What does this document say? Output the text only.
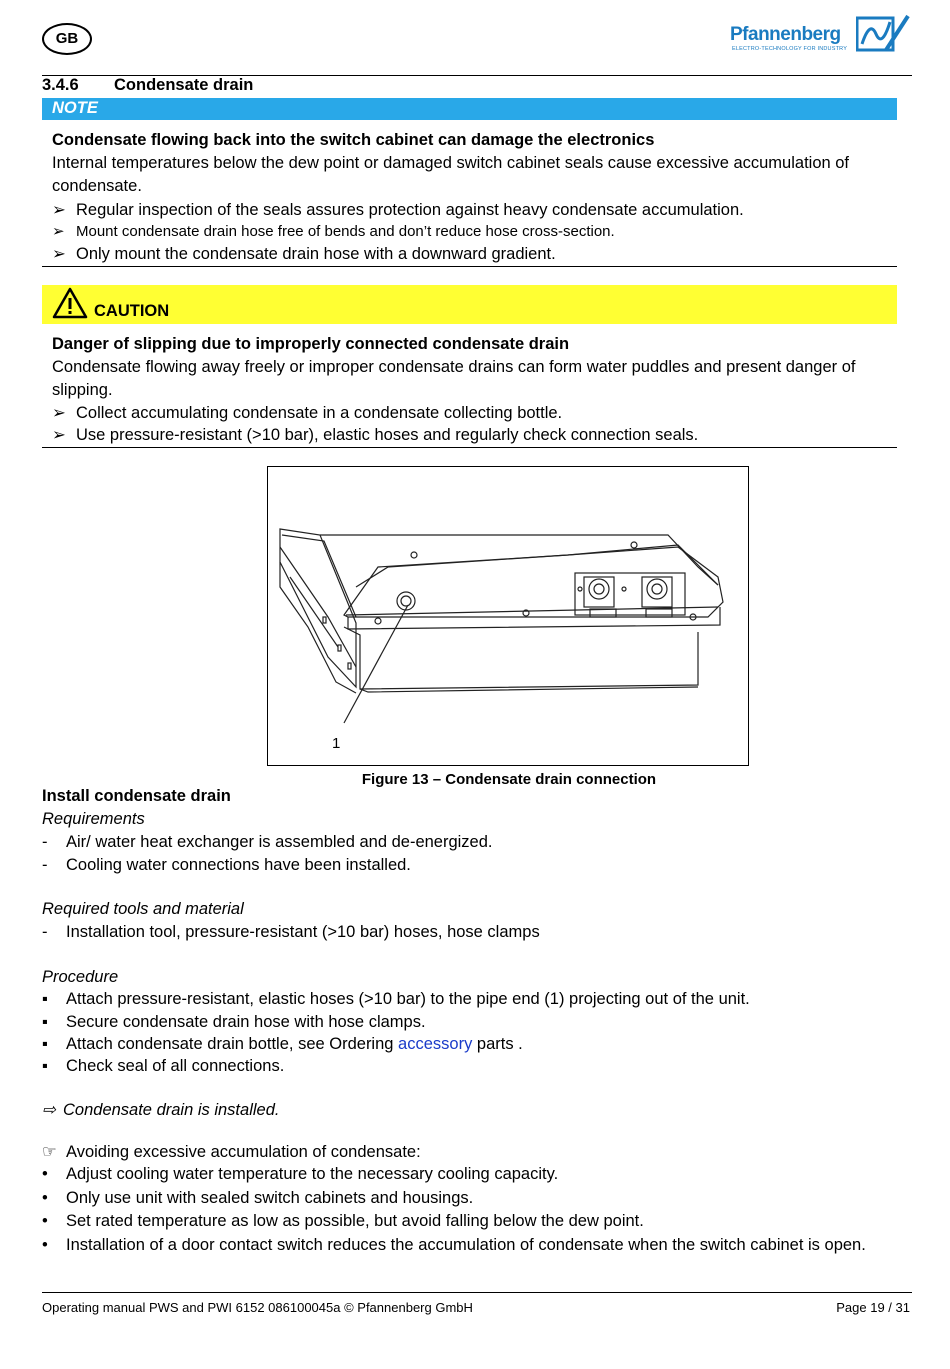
GB	Pfannenberg
ELECTRO-TECHNOLOGY FOR INDUSTRY
3.4.6 Condensate drain
NOTE
Condensate flowing back into the switch cabinet can damage the electronics
Internal temperatures below the dew point or damaged switch cabinet seals cause excessive accumulation of
condensate.
➢ Regular inspection of the seals assures protection against heavy condensate accumulation.
➢ Mount condensate drain hose free of bends and don’t reduce hose cross-section.
➢ Only mount the condensate drain hose with a downward gradient.
CAUTION
Danger of slipping due to improperly connected condensate drain
Condensate flowing away freely or improper condensate drains can form water puddles and present danger of
slipping.
➢ Collect accumulating condensate in a condensate collecting bottle.
➢ Use pressure-resistant (>10 bar), elastic hoses and regularly check connection seals.
1
Figure 13 – Condensate drain connection
Install condensate drain
Requirements
- Air/ water heat exchanger is assembled and de-energized.
- Cooling water connections have been installed.
Required tools and material
- Installation tool, pressure-resistant (>10 bar) hoses, hose clamps
Procedure
▪ Attach pressure-resistant, elastic hoses (>10 bar) to the pipe end (1) projecting out of the unit.
▪ Secure condensate drain hose with hose clamps.
▪ Attach condensate drain bottle, see Ordering accessory parts .
▪ Check seal of all connections.
⇨ Condensate drain is installed.
☞ Avoiding excessive accumulation of condensate:
• Adjust cooling water temperature to the necessary cooling capacity.
• Only use unit with sealed switch cabinets and housings.
• Set rated temperature as low as possible, but avoid falling below the dew point.
• Installation of a door contact switch reduces the accumulation of condensate when the switch cabinet is open.
Operating manual PWS and PWI 6152 086100045a © Pfannenberg GmbH	Page 19 / 31
